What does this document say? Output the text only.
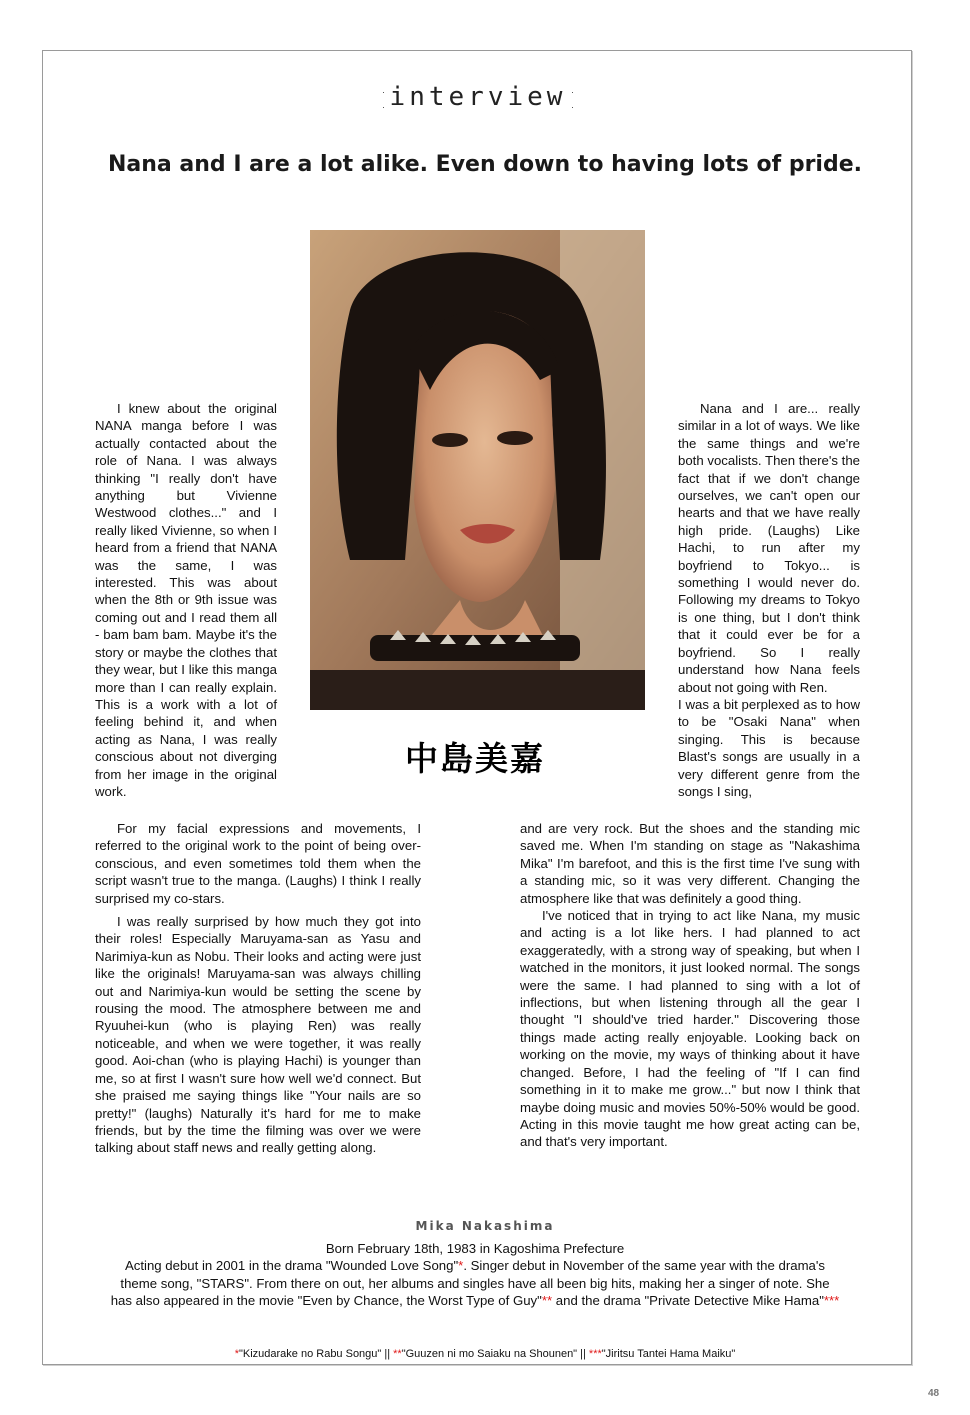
interview
Nana and I are a lot alike. Even down to having lots of pride.
中島美嘉

I knew about the original NANA manga before I was actually contacted about the role of Nana. I was always thinking "I really don't have anything but Vivienne Westwood clothes..." and I really liked Vivienne, so when I heard from a friend that NANA was the same, I was interested. This was about when the 8th or 9th issue was coming out and I read them all - bam bam bam. Maybe it's the story or maybe the clothes that they wear, but I like this manga more than I can really explain. This is a work with a lot of feeling behind it, and when acting as Nana, I was really conscious about not diverging from her image in the original work.

For my facial expressions and movements, I referred to the original work to the point of being over-conscious, and even sometimes told them when the script wasn't true to the manga. (Laughs) I think I really surprised my co-stars.

I was really surprised by how much they got into their roles! Especially Maruyama-san as Yasu and Narimiya-kun as Nobu. Their looks and acting were just like the originals! Maruyama-san was always chilling out and Narimiya-kun would be setting the scene by rousing the mood. The atmosphere between me and Ryuuhei-kun (who is playing Ren) was really noticeable, and when we were together, it was really good. Aoi-chan (who is playing Hachi) is younger than me, so at first I wasn't sure how well we'd connect. But she praised me saying things like "Your nails are so pretty!" (laughs) Naturally it's hard for me to make friends, but by the time the filming was over we were talking about staff news and really getting along.

Nana and I are... really similar in a lot of ways. We like the same things and we're both vocalists. Then there's the fact that if we don't change ourselves, we can't open our hearts and that we have really high pride. (Laughs) Like Hachi, to run after my boyfriend to Tokyo... is something I would never do. Following my dreams to Tokyo is one thing, but I don't think that it could ever be for a boyfriend. So I really understand how Nana feels about not going with Ren.

I was a bit perplexed as to how to be "Osaki Nana" when singing. This is because Blast's songs are usually in a very different genre from the songs I sing,

and are very rock. But the shoes and the standing mic saved me. When I'm standing on stage as "Nakashima Mika" I'm barefoot, and this is the first time I've sung with a standing mic, so it was very different. Changing the atmosphere like that was definitely a good thing.

I've noticed that in trying to act like Nana, my music and acting is a lot like hers. I had planned to act exaggeratedly, with a strong way of speaking, but when I watched in the monitors, it just looked normal. The songs were the same. I had planned to sing with a lot of inflections, but when listening through all the gear I thought "I should've tried harder." Discovering those things made acting really enjoyable. Looking back on working on the movie, my ways of thinking about it have changed. Before, I had the feeling of "If I can find something in it to make me grow..." but now I think that maybe doing music and movies 50%-50% would be good. Acting in this movie taught me how great acting can be, and that's very important.

Mika Nakashima

Born February 18th, 1983 in Kagoshima Prefecture

Acting debut in 2001 in the drama "Wounded Love Song"*. Singer debut in November of the same year with the drama's theme song, "STARS". From there on out, her albums and singles have all been big hits, making her a singer of note. She has also appeared in the movie "Even by Chance, the Worst Type of Guy"** and the drama "Private Detective Mike Hama"***

*"Kizudarake no Rabu Songu" || **"Guuzen ni mo Saiaku na Shounen" || ***"Jiritsu Tantei Hama Maiku"
48
